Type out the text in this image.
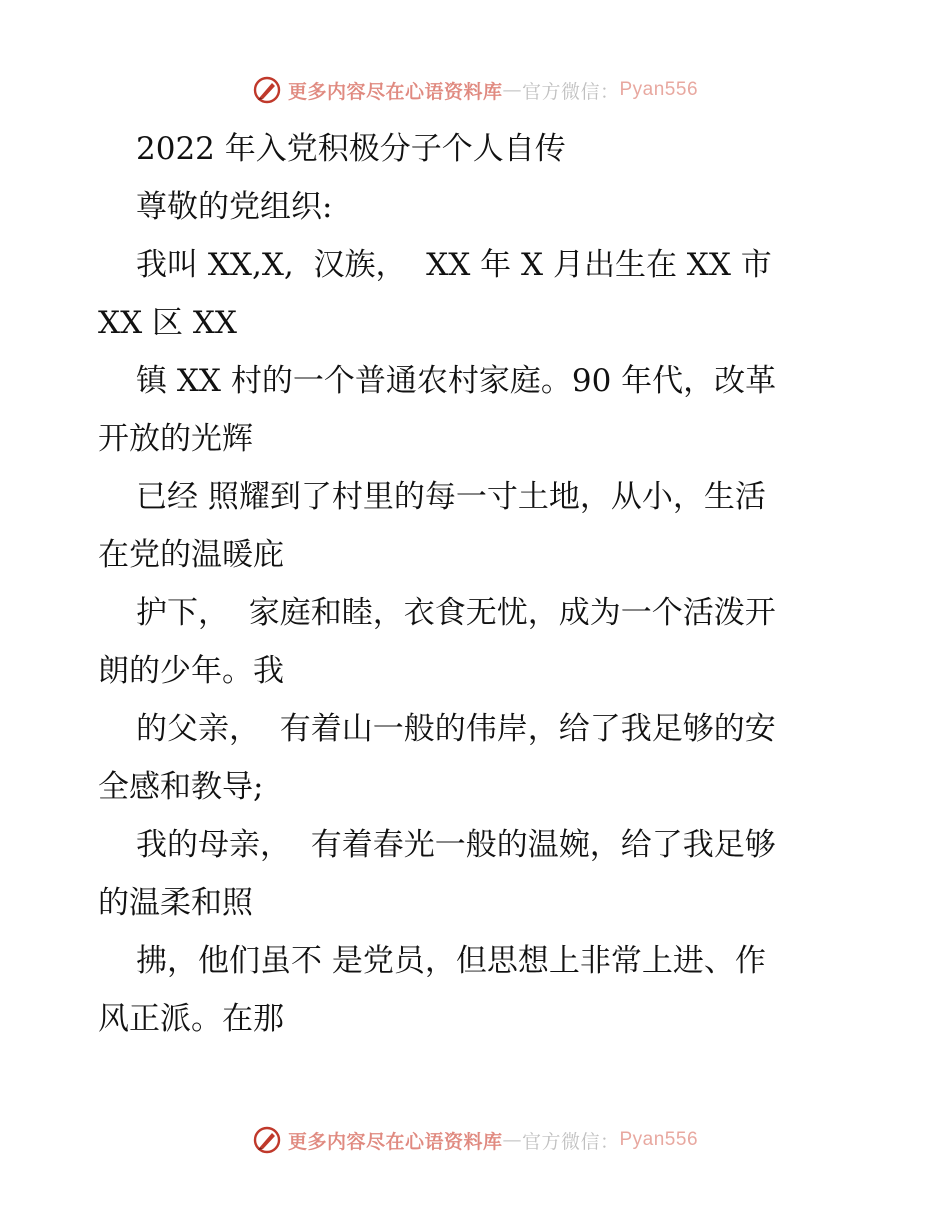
更多内容尽在心语资料库 — 官方微信： Pyan556
2022 年入党积极分子个人自传
尊敬的党组织:
我叫 XX,X,  汉族，  XX 年 X 月出生在 XX 市
XX 区 XX
镇 XX 村的一个普通农村家庭。90 年代，改革
开放的光辉
已经 照耀到了村里的每一寸土地，从小，生活
在党的温暖庇
护下，  家庭和睦，衣食无忧，成为一个活泼开
朗的少年。我
的父亲，  有着山一般的伟岸，给了我足够的安
全感和教导;
我的母亲，  有着春光一般的温婉，给了我足够
的温柔和照
拂，他们虽不 是党员，但思想上非常上进、作
风正派。在那
更多内容尽在心语资料库 — 官方微信： Pyan556
